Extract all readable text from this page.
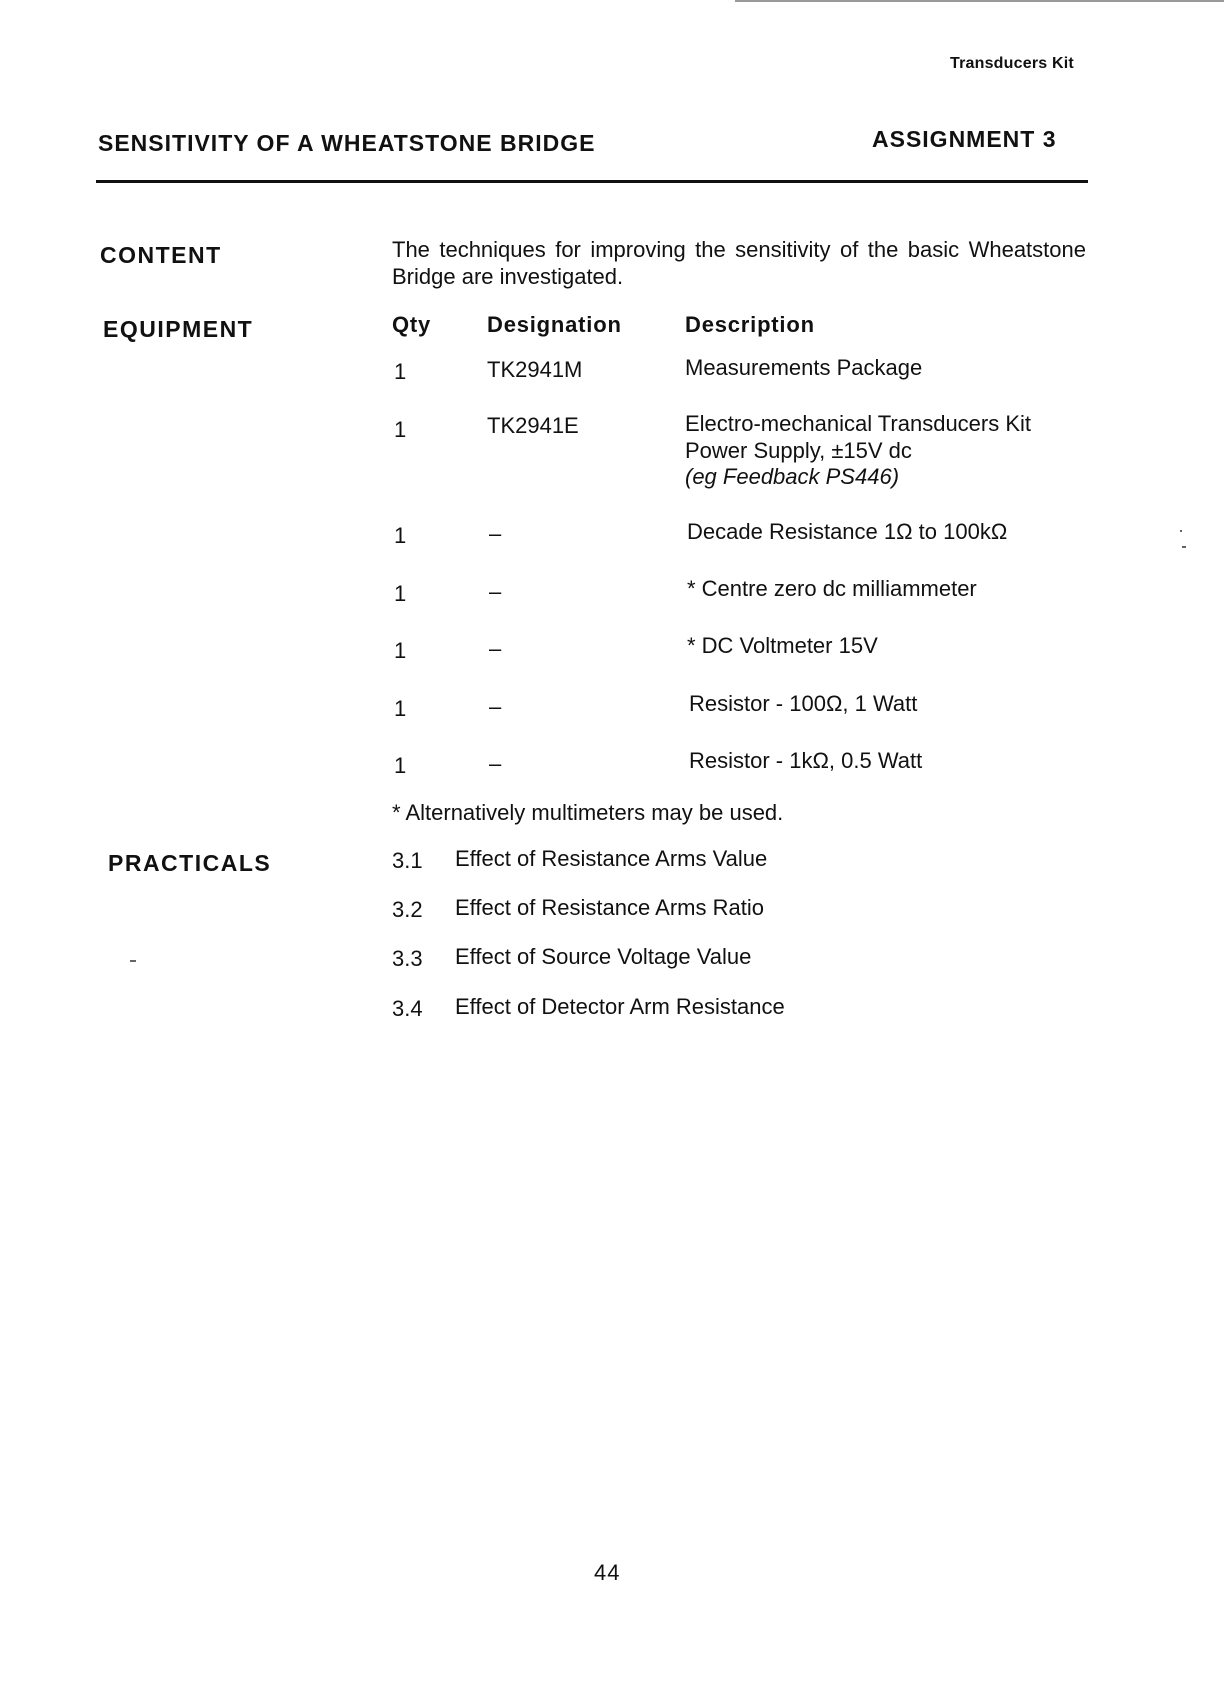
Transducers Kit
SENSITIVITY OF A WHEATSTONE BRIDGE	ASSIGNMENT 3
CONTENT	The techniques for improving the sensitivity of the basic Wheatstone Bridge are investigated.
EQUIPMENT	Qty	Designation	Description
1	TK2941M	Measurements Package
1	TK2941E	Electro-mechanical Transducers Kit
Power Supply, ±15V dc
(eg Feedback PS446)
1	–	Decade Resistance 1Ω to 100kΩ
1	–	* Centre zero dc milliammeter
1	–	* DC Voltmeter 15V
1	–	Resistor - 100Ω, 1 Watt
1	–	Resistor - 1kΩ, 0.5 Watt
* Alternatively multimeters may be used.
PRACTICALS	3.1	Effect of Resistance Arms Value
3.2	Effect of Resistance Arms Ratio
3.3	Effect of Source Voltage Value
3.4	Effect of Detector Arm Resistance
44
